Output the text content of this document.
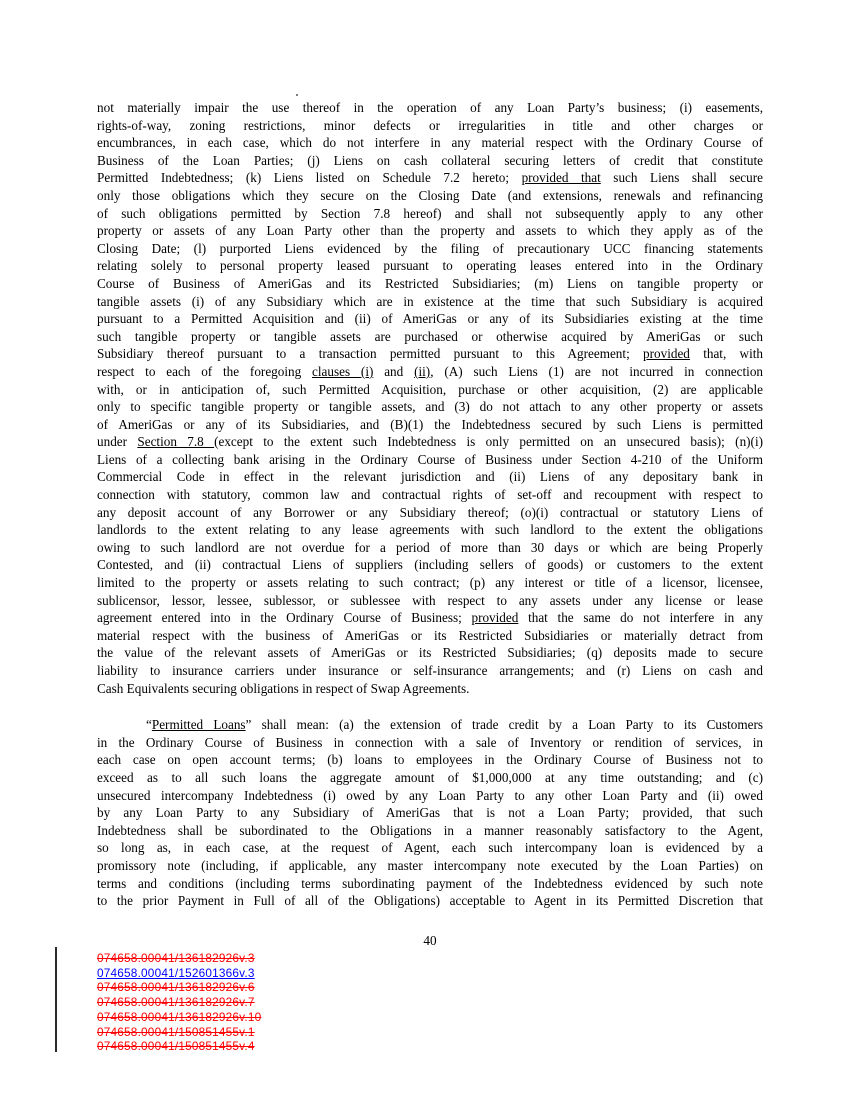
not materially impair the use thereof in the operation of any Loan Party’s business; (i) easements,
rights-of-way, zoning restrictions, minor defects or irregularities in title and other charges or
encumbrances, in each case, which do not interfere in any material respect with the Ordinary Course of
Business of the Loan Parties; (j) Liens on cash collateral securing letters of credit that constitute
Permitted Indebtedness; (k) Liens listed on Schedule 7.2 hereto; provided that such Liens shall secure
only those obligations which they secure on the Closing Date (and extensions, renewals and refinancing
of such obligations permitted by Section 7.8 hereof) and shall not subsequently apply to any other
property or assets of any Loan Party other than the property and assets to which they apply as of the
Closing Date; (l) purported Liens evidenced by the filing of precautionary UCC financing statements
relating solely to personal property leased pursuant to operating leases entered into in the Ordinary
Course of Business of AmeriGas and its Restricted Subsidiaries; (m) Liens on tangible property or
tangible assets (i) of any Subsidiary which are in existence at the time that such Subsidiary is acquired
pursuant to a Permitted Acquisition and (ii) of AmeriGas or any of its Subsidiaries existing at the time
such tangible property or tangible assets are purchased or otherwise acquired by AmeriGas or such
Subsidiary thereof pursuant to a transaction permitted pursuant to this Agreement; provided that, with
respect to each of the foregoing clauses (i) and (ii), (A) such Liens (1) are not incurred in connection
with, or in anticipation of, such Permitted Acquisition, purchase or other acquisition, (2) are applicable
only to specific tangible property or tangible assets, and (3) do not attach to any other property or assets
of AmeriGas or any of its Subsidiaries, and (B)(1) the Indebtedness secured by such Liens is permitted
under Section 7.8 (except to the extent such Indebtedness is only permitted on an unsecured basis); (n)(i)
Liens of a collecting bank arising in the Ordinary Course of Business under Section 4-210 of the Uniform
Commercial Code in effect in the relevant jurisdiction and (ii) Liens of any depositary bank in
connection with statutory, common law and contractual rights of set-off and recoupment with respect to
any deposit account of any Borrower or any Subsidiary thereof; (o)(i) contractual or statutory Liens of
landlords to the extent relating to any lease agreements with such landlord to the extent the obligations
owing to such landlord are not overdue for a period of more than 30 days or which are being Properly
Contested, and (ii) contractual Liens of suppliers (including sellers of goods) or customers to the extent
limited to the property or assets relating to such contract; (p) any interest or title of a licensor, licensee,
sublicensor, lessor, lessee, sublessor, or sublessee with respect to any assets under any license or lease
agreement entered into in the Ordinary Course of Business; provided that the same do not interfere in any
material respect with the business of AmeriGas or its Restricted Subsidiaries or materially detract from
the value of the relevant assets of AmeriGas or its Restricted Subsidiaries; (q) deposits made to secure
liability to insurance carriers under insurance or self-insurance arrangements; and (r) Liens on cash and
Cash Equivalents securing obligations in respect of Swap Agreements.
“Permitted Loans” shall mean: (a) the extension of trade credit by a Loan Party to its Customers
in the Ordinary Course of Business in connection with a sale of Inventory or rendition of services, in
each case on open account terms; (b) loans to employees in the Ordinary Course of Business not to
exceed as to all such loans the aggregate amount of $1,000,000 at any time outstanding; and (c)
unsecured intercompany Indebtedness (i) owed by any Loan Party to any other Loan Party and (ii) owed
by any Loan Party to any Subsidiary of AmeriGas that is not a Loan Party; provided, that such
Indebtedness shall be subordinated to the Obligations in a manner reasonably satisfactory to the Agent,
so long as, in each case, at the request of Agent, each such intercompany loan is evidenced by a
promissory note (including, if applicable, any master intercompany note executed by the Loan Parties) on
terms and conditions (including terms subordinating payment of the Indebtedness evidenced by such note
to the prior Payment in Full of all of the Obligations) acceptable to Agent in its Permitted Discretion that
40
074658.00041/136182926v.3
074658.00041/152601366v.3
074658.00041/136182926v.6
074658.00041/136182926v.7
074658.00041/136182926v.10
074658.00041/150851455v.1
074658.00041/150851455v.4
